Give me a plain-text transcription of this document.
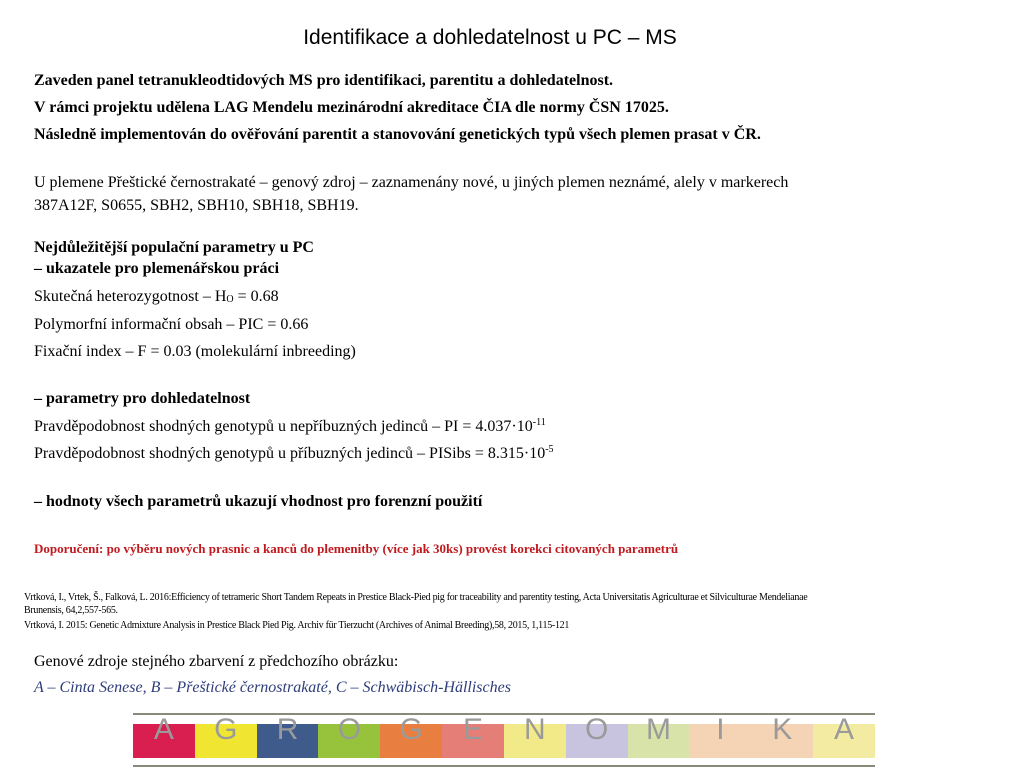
Identifikace a dohledatelnost u PC – MS
Zaveden panel tetranukleodtidových MS pro identifikaci, parentitu a dohledatelnost.
V rámci projektu udělena LAG Mendelu mezinárodní akreditace ČIA dle normy ČSN 17025.
Následně implementován do ověřování parentit a stanovování genetických typů všech plemen prasat v ČR.
U plemene Přeštické černostrakaté – genový zdroj – zaznamenány nové, u jiných plemen neznámé, alely v markerech
387A12F, S0655, SBH2, SBH10, SBH18, SBH19.
Nejdůležitější populační parametry u PC
– ukazatele pro plemenářskou práci
Skutečná heterozygotnost – $H_O = 0.68$
Polymorfní informační obsah – PIC = 0.66
Fixační index – F = 0.03 (molekulární inbreeding)
– parametry pro dohledatelnost
Pravděpodobnost shodných genotypů u nepříbuzných jedinců – PI = $4.037\cdot 10^{-11}$
Pravděpodobnost shodných genotypů u příbuzných jedinců – PISibs = $8.315\cdot 10^{-5}$
– hodnoty všech parametrů ukazují vhodnost pro forenzní použití
Doporučení: po výběru nových prasnic a kanců do plemenitby (více jak 30ks) provést korekci citovaných parametrů
Vrtková, I., Vrtek, Š., Falková, L. 2016:Efficiency of tetrameric Short Tandem Repeats in Prestice Black-Pied pig for traceability and parentity testing, Acta Universitatis Agriculturae et Silviculturae Mendelianae
Brunensis, 64,2,557-565.
Vrtková, I. 2015: Genetic Admixture Analysis in Prestice Black Pied Pig. Archiv für Tierzucht (Archives of Animal Breeding),58, 2015, 1,115-121
Genové zdroje stejného zbarvení z předchozího obrázku:
A – Cinta Senese, B – Přeštické černostrakaté, C – Schwäbisch-Hällisches
A	G	R	O	G	E	N	O	M	I	K	A
